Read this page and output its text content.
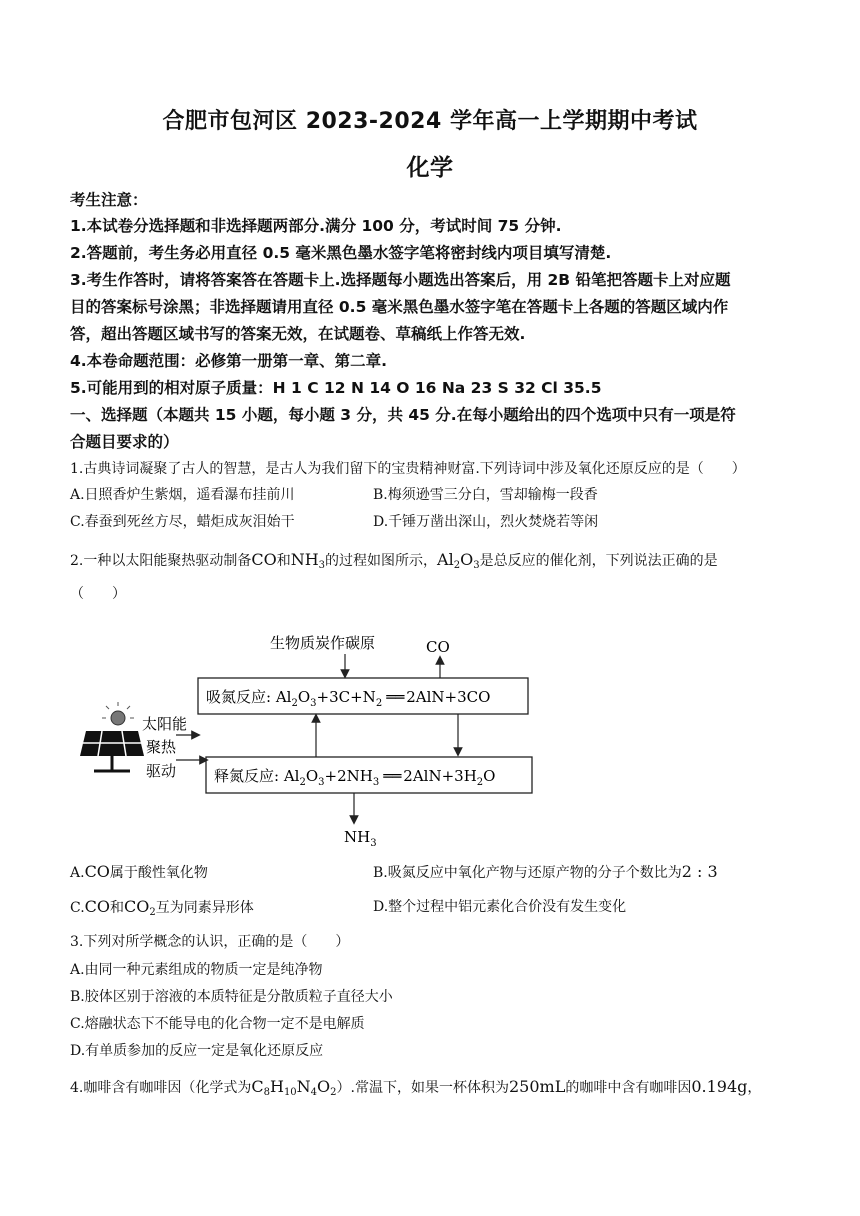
合肥市包河区 2023-2024 学年高一上学期期中考试
化学
考生注意：
1.本试卷分选择题和非选择题两部分.满分 100 分，考试时间 75 分钟.
2.答题前，考生务必用直径 0.5 毫米黑色墨水签字笔将密封线内项目填写清楚.
3.考生作答时，请将答案答在答题卡上.选择题每小题选出答案后，用 2B 铅笔把答题卡上对应题
目的答案标号涂黑；非选择题请用直径 0.5 毫米黑色墨水签字笔在答题卡上各题的答题区域内作
答，超出答题区域书写的答案无效，在试题卷、草稿纸上作答无效.
4.本卷命题范围：必修第一册第一章、第二章.
5.可能用到的相对原子质量：H 1 C 12 N 14 O 16 Na 23 S 32 Cl 35.5
一、选择题（本题共 15 小题，每小题 3 分，共 45 分.在每小题给出的四个选项中只有一项是符
合题目要求的）
1.古典诗词凝聚了古人的智慧，是古人为我们留下的宝贵精神财富.下列诗词中涉及氧化还原反应的是（　　）
A.日照香炉生紫烟，遥看瀑布挂前川	B.梅须逊雪三分白，雪却输梅一段香
C.春蚕到死丝方尽，蜡炬成灰泪始干	D.千锤万凿出深山，烈火焚烧若等闲
2.一种以太阳能聚热驱动制备CO和$NH_3$的过程如图所示，$Al_2O_3$是总反应的催化剂，下列说法正确的是
（　　）
生物质炭作碳原	CO
吸氮反应: $Al_2O_3+3C+N_2$ ══ 2AlN+3CO
释氮反应: $Al_2O_3+2NH_3$ ══ $2AlN+3H_2O$
$NH_3$
太阳能
聚热
驱动
A.CO属于酸性氧化物	B.吸氮反应中氧化产物与还原产物的分子个数比为2 : 3
C.CO和$CO_2$互为同素异形体	D.整个过程中铝元素化合价没有发生变化
3.下列对所学概念的认识，正确的是（　　）
A.由同一种元素组成的物质一定是纯净物
B.胶体区别于溶液的本质特征是分散质粒子直径大小
C.熔融状态下不能导电的化合物一定不是电解质
D.有单质参加的反应一定是氧化还原反应
4.咖啡含有咖啡因（化学式为$C_8H_{10}N_4O_2$）.常温下，如果一杯体积为250mL的咖啡中含有咖啡因0.194g，
